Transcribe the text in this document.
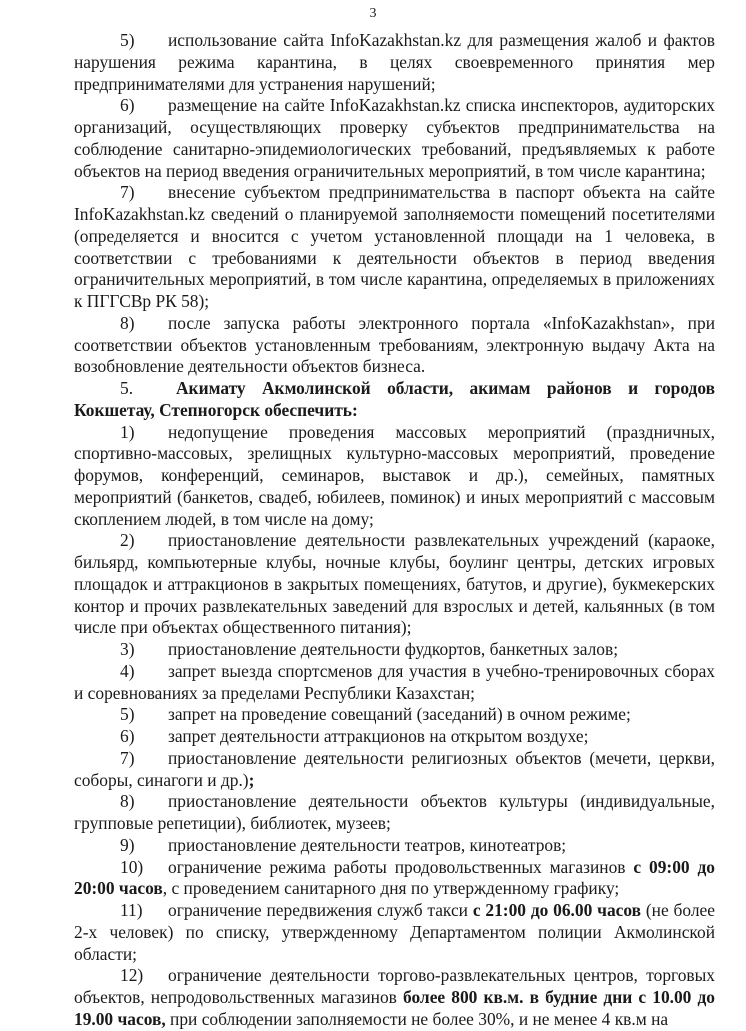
3

5) использование сайта InfoKazakhstan.kz для размещения жалоб и фактов нарушения режима карантина, в целях своевременного принятия мер предпринимателями для устранения нарушений;

6) размещение на сайте InfoKazakhstan.kz списка инспекторов, аудиторских организаций, осуществляющих проверку субъектов предпринимательства на соблюдение санитарно-эпидемиологических требований, предъявляемых к работе объектов на период введения ограничительных мероприятий, в том числе карантина;

7) внесение субъектом предпринимательства в паспорт объекта на сайте InfoKazakhstan.kz сведений о планируемой заполняемости помещений посетителями (определяется и вносится с учетом установленной площади на 1 человека, в соответствии с требованиями к деятельности объектов в период введения ограничительных мероприятий, в том числе карантина, определяемых в приложениях к ПГГСВр РК 58);

8) после запуска работы электронного портала «InfoKazakhstan», при соответствии объектов установленным требованиям, электронную выдачу Акта на возобновление деятельности объектов бизнеса.

5. Акимату Акмолинской области, акимам районов и городов Кокшетау, Степногорск обеспечить:

1) недопущение проведения массовых мероприятий (праздничных, спортивно-массовых, зрелищных культурно-массовых мероприятий, проведение форумов, конференций, семинаров, выставок и др.), семейных, памятных мероприятий (банкетов, свадеб, юбилеев, поминок) и иных мероприятий с массовым скоплением людей, в том числе на дому;

2) приостановление деятельности развлекательных учреждений (караоке, бильярд, компьютерные клубы, ночные клубы, боулинг центры, детских игровых площадок и аттракционов в закрытых помещениях, батутов, и другие), букмекерских контор и прочих развлекательных заведений для взрослых и детей, кальянных (в том числе при объектах общественного питания);

3) приостановление деятельности фудкортов, банкетных залов;

4) запрет выезда спортсменов для участия в учебно-тренировочных сборах и соревнованиях за пределами Республики Казахстан;

5) запрет на проведение совещаний (заседаний) в очном режиме;

6) запрет деятельности аттракционов на открытом воздухе;

7) приостановление деятельности религиозных объектов (мечети, церкви, соборы, синагоги и др.);

8) приостановление деятельности объектов культуры (индивидуальные, групповые репетиции), библиотек, музеев;

9) приостановление деятельности театров, кинотеатров;

10) ограничение режима работы продовольственных магазинов с 09:00 до 20:00 часов, с проведением санитарного дня по утвержденному графику;

11) ограничение передвижения служб такси с 21:00 до 06.00 часов (не более 2-х человек) по списку, утвержденному Департаментом полиции Акмолинской области;

12) ограничение деятельности торгово-развлекательных центров, торговых объектов, непродовольственных магазинов более 800 кв.м. в будние дни с 10.00 до 19.00 часов, при соблюдении заполняемости не более 30%, и не менее 4 кв.м на
